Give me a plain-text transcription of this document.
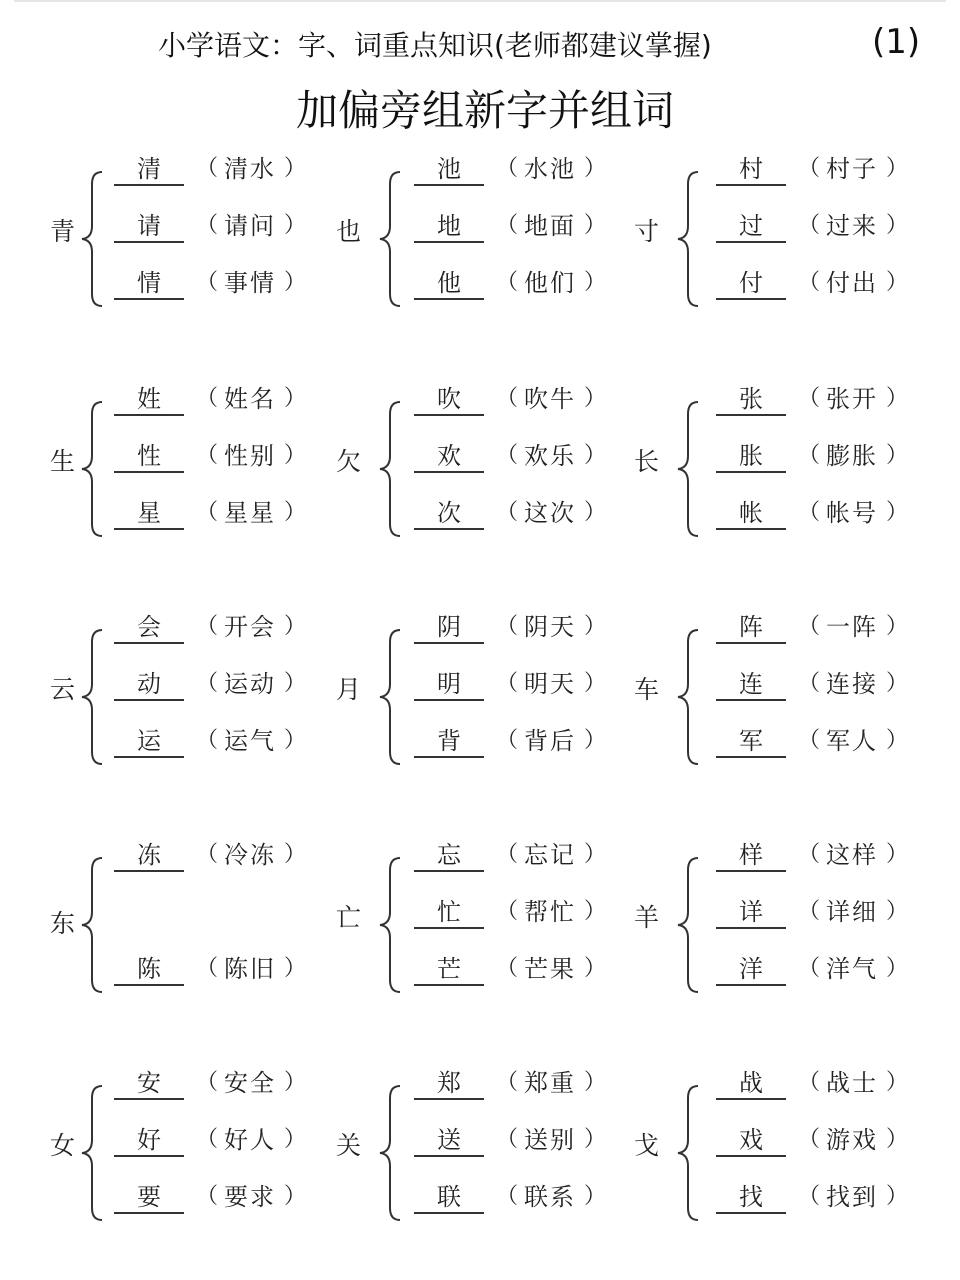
小学语文：字、词重点知识(老师都建议掌握)	(1)
加偏旁组新字并组词
青
清	（ 清水 ）
请	（ 请问 ）
情	（ 事情 ）
也
池	（ 水池 ）
地	（ 地面 ）
他	（ 他们 ）
寸
村	（ 村子 ）
过	（ 过来 ）
付	（ 付出 ）
生
姓	（ 姓名 ）
性	（ 性别 ）
星	（ 星星 ）
欠
吹	（ 吹牛 ）
欢	（ 欢乐 ）
次	（ 这次 ）
长
张	（ 张开 ）
胀	（ 膨胀 ）
帐	（ 帐号 ）
云
会	（ 开会 ）
动	（ 运动 ）
运	（ 运气 ）
月
阴	（ 阴天 ）
明	（ 明天 ）
背	（ 背后 ）
车
阵	（ 一阵 ）
连	（ 连接 ）
军	（ 军人 ）
东
冻	（ 冷冻 ）
陈	（ 陈旧 ）
亡
忘	（ 忘记 ）
忙	（ 帮忙 ）
芒	（ 芒果 ）
羊
样	（ 这样 ）
详	（ 详细 ）
洋	（ 洋气 ）
女
安	（ 安全 ）
好	（ 好人 ）
要	（ 要求 ）
关
郑	（ 郑重 ）
送	（ 送别 ）
联	（ 联系 ）
戈
战	（ 战士 ）
戏	（ 游戏 ）
找	（ 找到 ）
